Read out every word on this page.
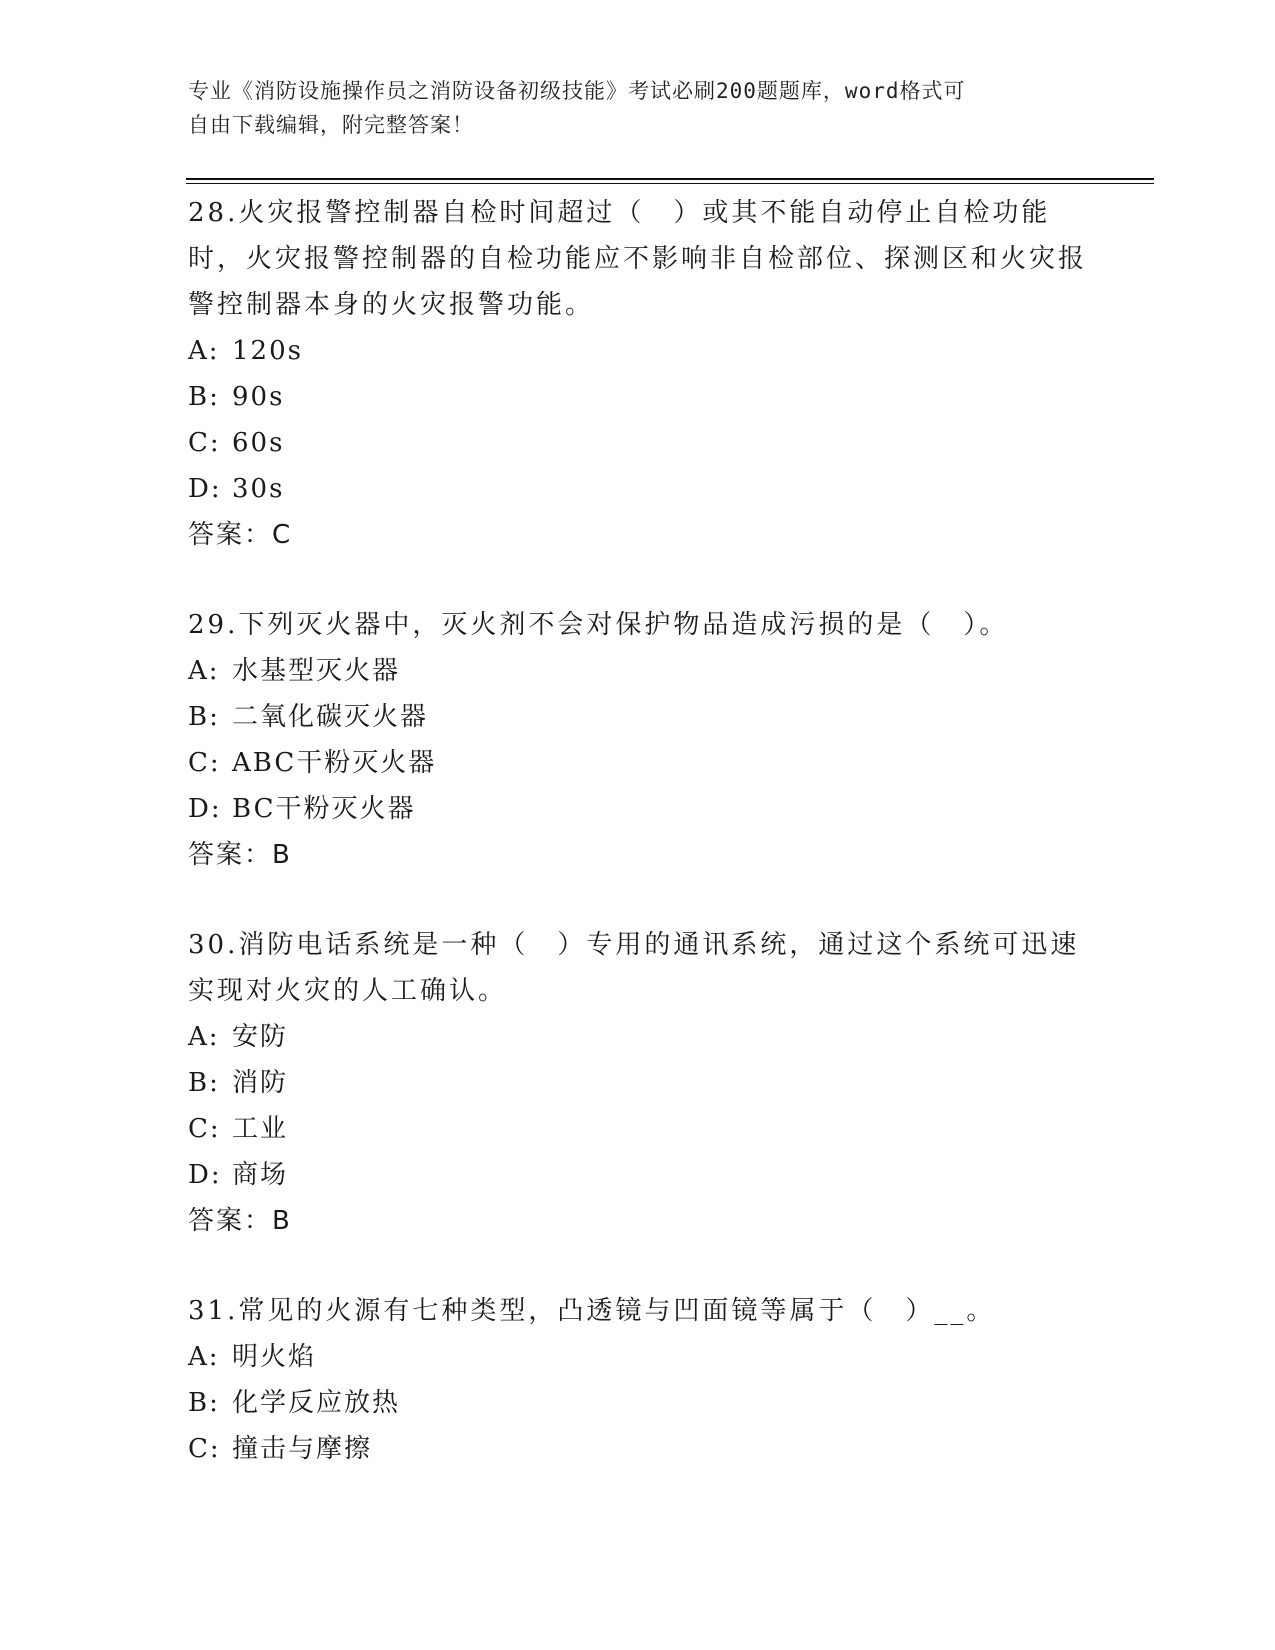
专业《消防设施操作员之消防设备初级技能》考试必刷200题题库，word格式可
自由下载编辑，附完整答案！

28.火灾报警控制器自检时间超过（　）或其不能自动停止自检功能时，火灾报警控制器的自检功能应不影响非自检部位、探测区和火灾报警控制器本身的火灾报警功能。

A: 120s

B: 90s

C: 60s

D: 30s

答案：C

29.下列灭火器中，灭火剂不会对保护物品造成污损的是（　）。

A: 水基型灭火器

B: 二氧化碳灭火器

C: ABC干粉灭火器

D: BC干粉灭火器

答案：B

30.消防电话系统是一种（　）专用的通讯系统，通过这个系统可迅速实现对火灾的人工确认。

A: 安防

B: 消防

C: 工业

D: 商场

答案：B

31.常见的火源有七种类型，凸透镜与凹面镜等属于（　）__。

A: 明火焰

B: 化学反应放热

C: 撞击与摩擦
